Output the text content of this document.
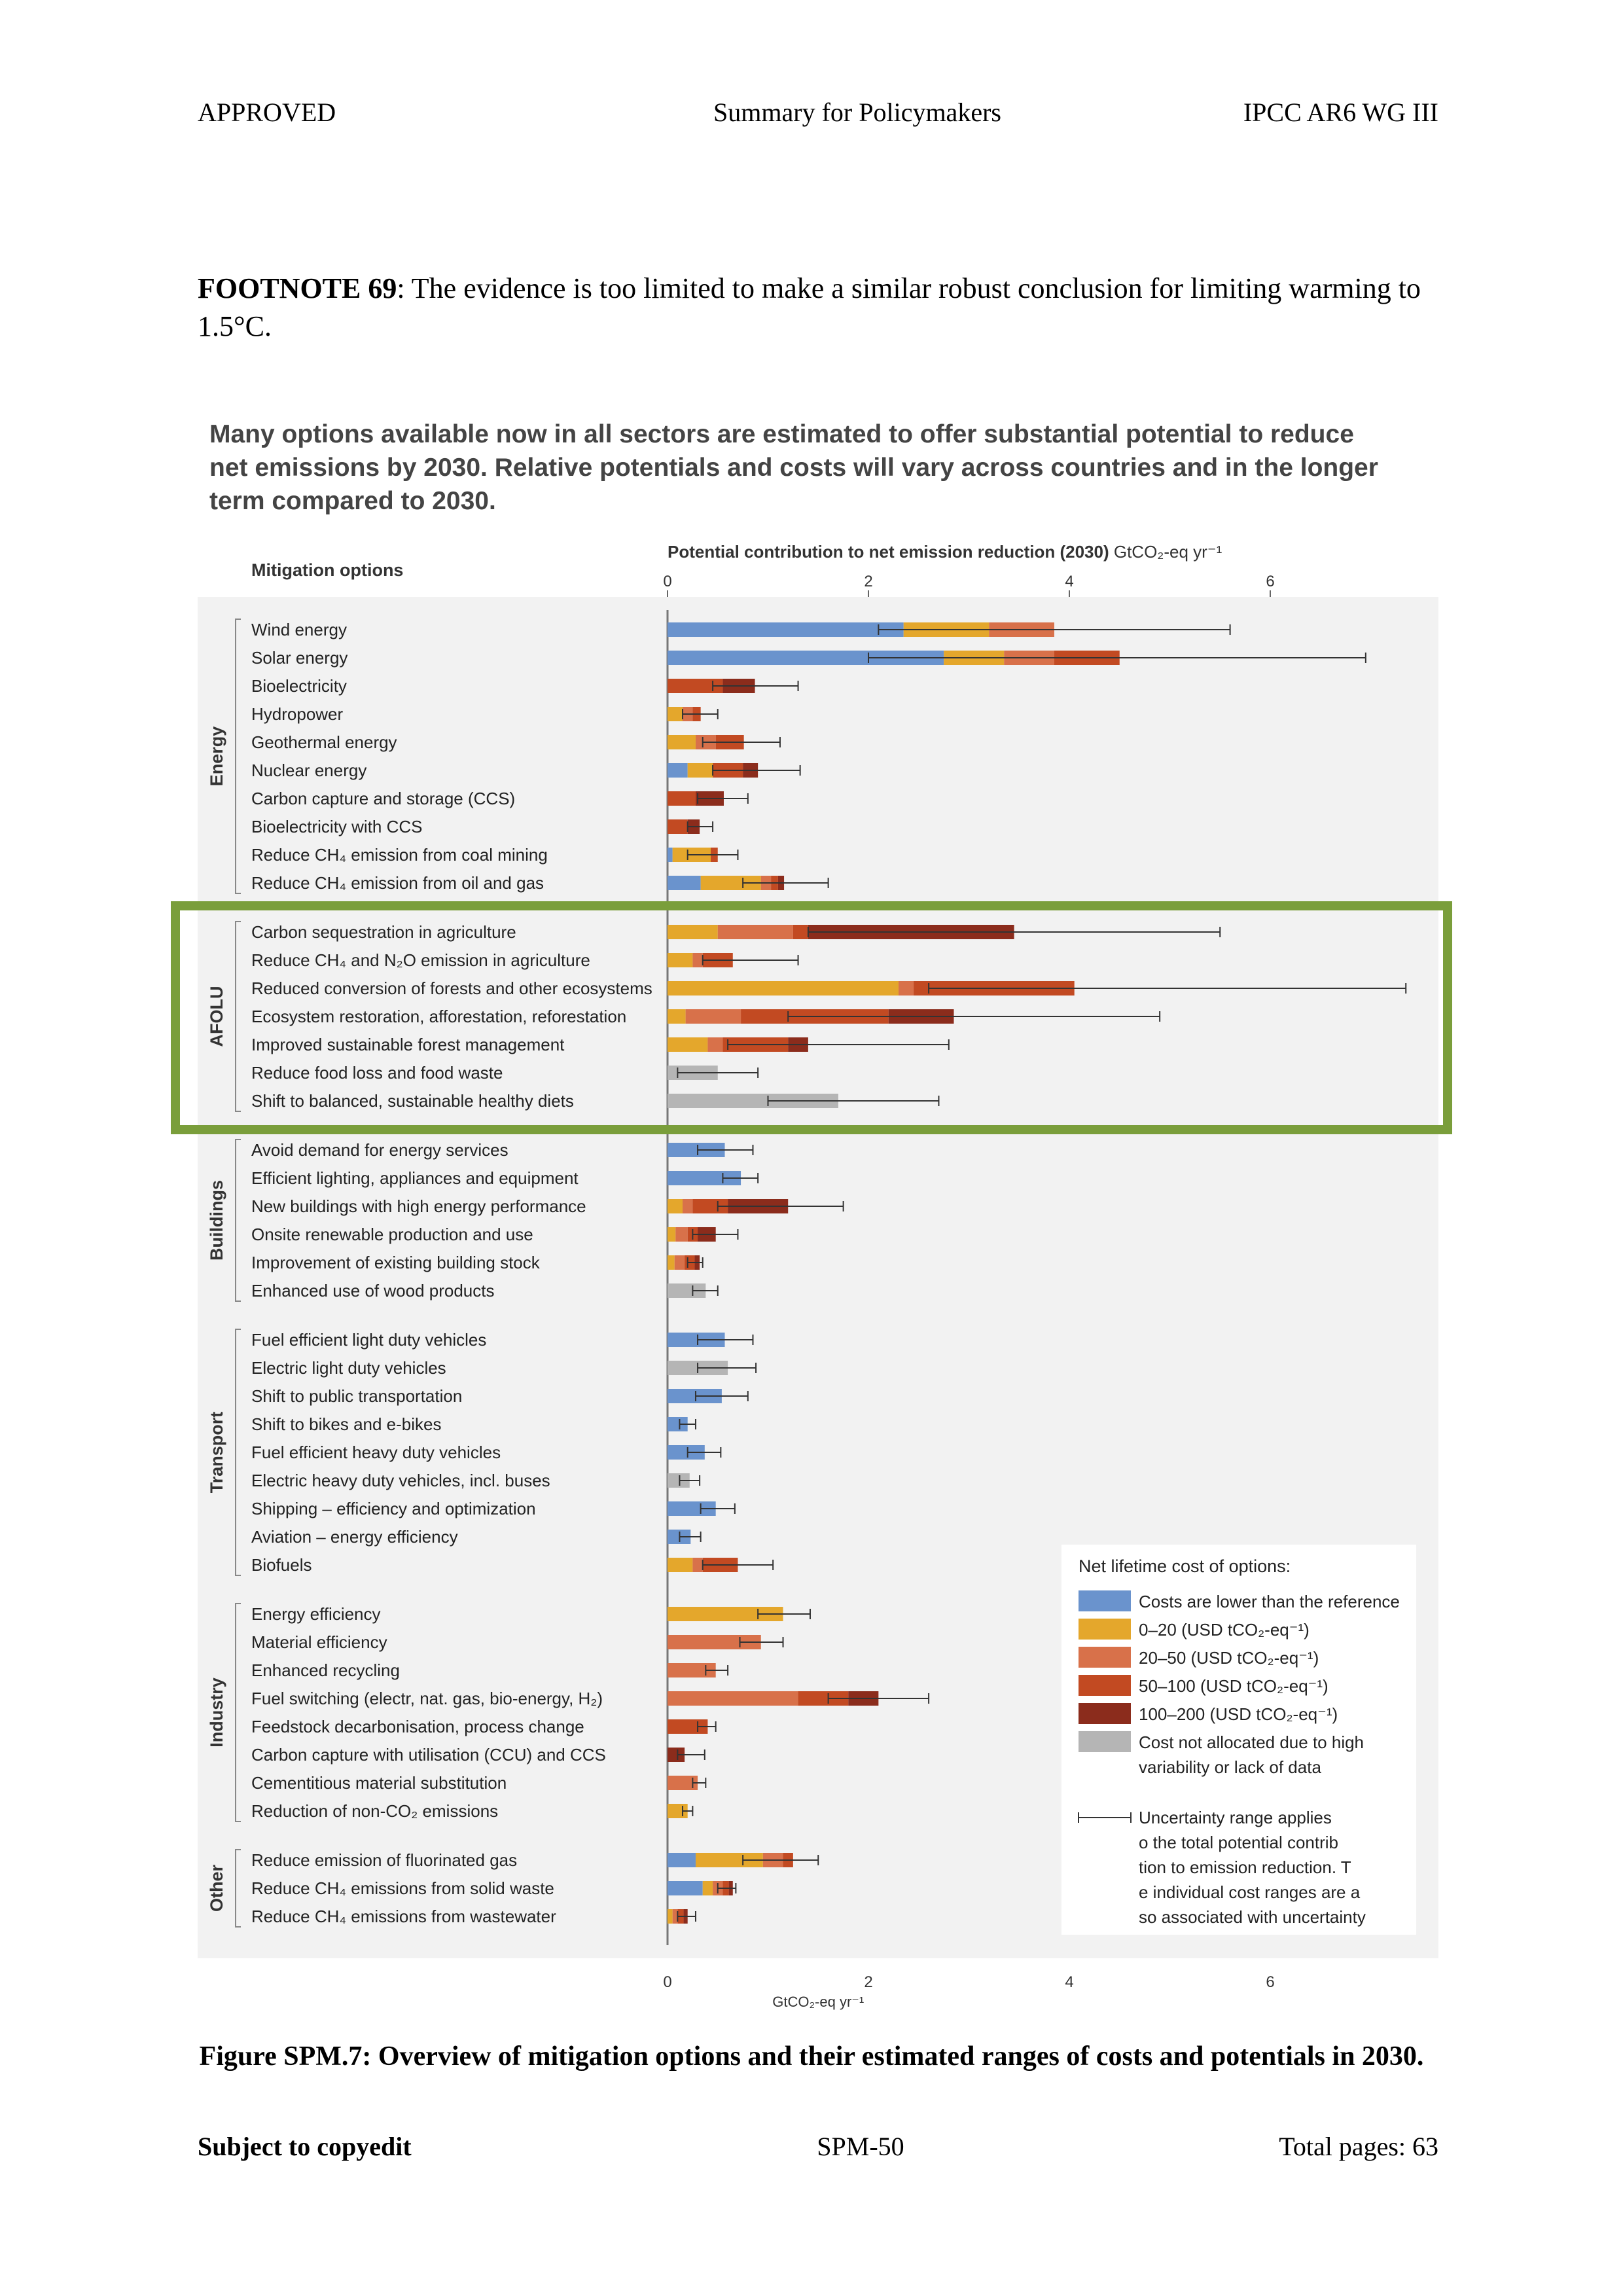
APPROVED	Summary for Policymakers	IPCC AR6 WG III
FOOTNOTE 69: The evidence is too limited to make a similar robust conclusion for limiting warming to 1.5°C.
Many options available now in all sectors are estimated to offer substantial potential to reduce net emissions by 2030. Relative potentials and costs will vary across countries and in the longer term compared to 2030.
Mitigation options
Potential contribution to net emission reduction (2030) GtCO₂-eq yr⁻¹
0
0
2
2
4
4
6
6
GtCO₂-eq yr⁻¹
Wind energy
Solar energy
Bioelectricity
Hydropower
Geothermal energy
Nuclear energy
Carbon capture and storage (CCS)
Bioelectricity with CCS
Reduce CH₄ emission from coal mining
Reduce CH₄ emission from oil and gas
Energy
Carbon sequestration in agriculture
Reduce CH₄ and N₂O emission in agriculture
Reduced conversion of forests and other ecosystems
Ecosystem restoration, afforestation, reforestation
Improved sustainable forest management
Reduce food loss and food waste
Shift to balanced, sustainable healthy diets
AFOLU
Avoid demand for energy services
Efficient lighting, appliances and equipment
New buildings with high energy performance
Onsite renewable production and use
Improvement of existing building stock
Enhanced use of wood products
Buildings
Fuel efficient light duty vehicles
Electric light duty vehicles
Shift to public transportation
Shift to bikes and e-bikes
Fuel efficient heavy duty vehicles
Electric heavy duty vehicles, incl. buses
Shipping – efficiency and optimization
Aviation – energy efficiency
Biofuels
Transport
Energy efficiency
Material efficiency
Enhanced recycling
Fuel switching (electr, nat. gas, bio-energy, H₂)
Feedstock decarbonisation, process change
Carbon capture with utilisation (CCU) and CCS
Cementitious material substitution
Reduction of non-CO₂ emissions
Industry
Reduce emission of fluorinated gas
Reduce CH₄ emissions from solid waste
Reduce CH₄ emissions from wastewater
Other
Net lifetime cost of options:
Costs are lower than the reference
0–20 (USD tCO₂-eq⁻¹)
20–50 (USD tCO₂-eq⁻¹)
50–100 (USD tCO₂-eq⁻¹)
100–200 (USD tCO₂-eq⁻¹)
Cost not allocated due to high
variability or lack of data
Uncertainty range applies
o the total potential contrib
tion to emission reduction. T
e individual cost ranges are a
so associated with uncertainty
Figure SPM.7: Overview of mitigation options and their estimated ranges of costs and potentials in 2030.
Subject to copyedit	SPM-50	Total pages: 63
